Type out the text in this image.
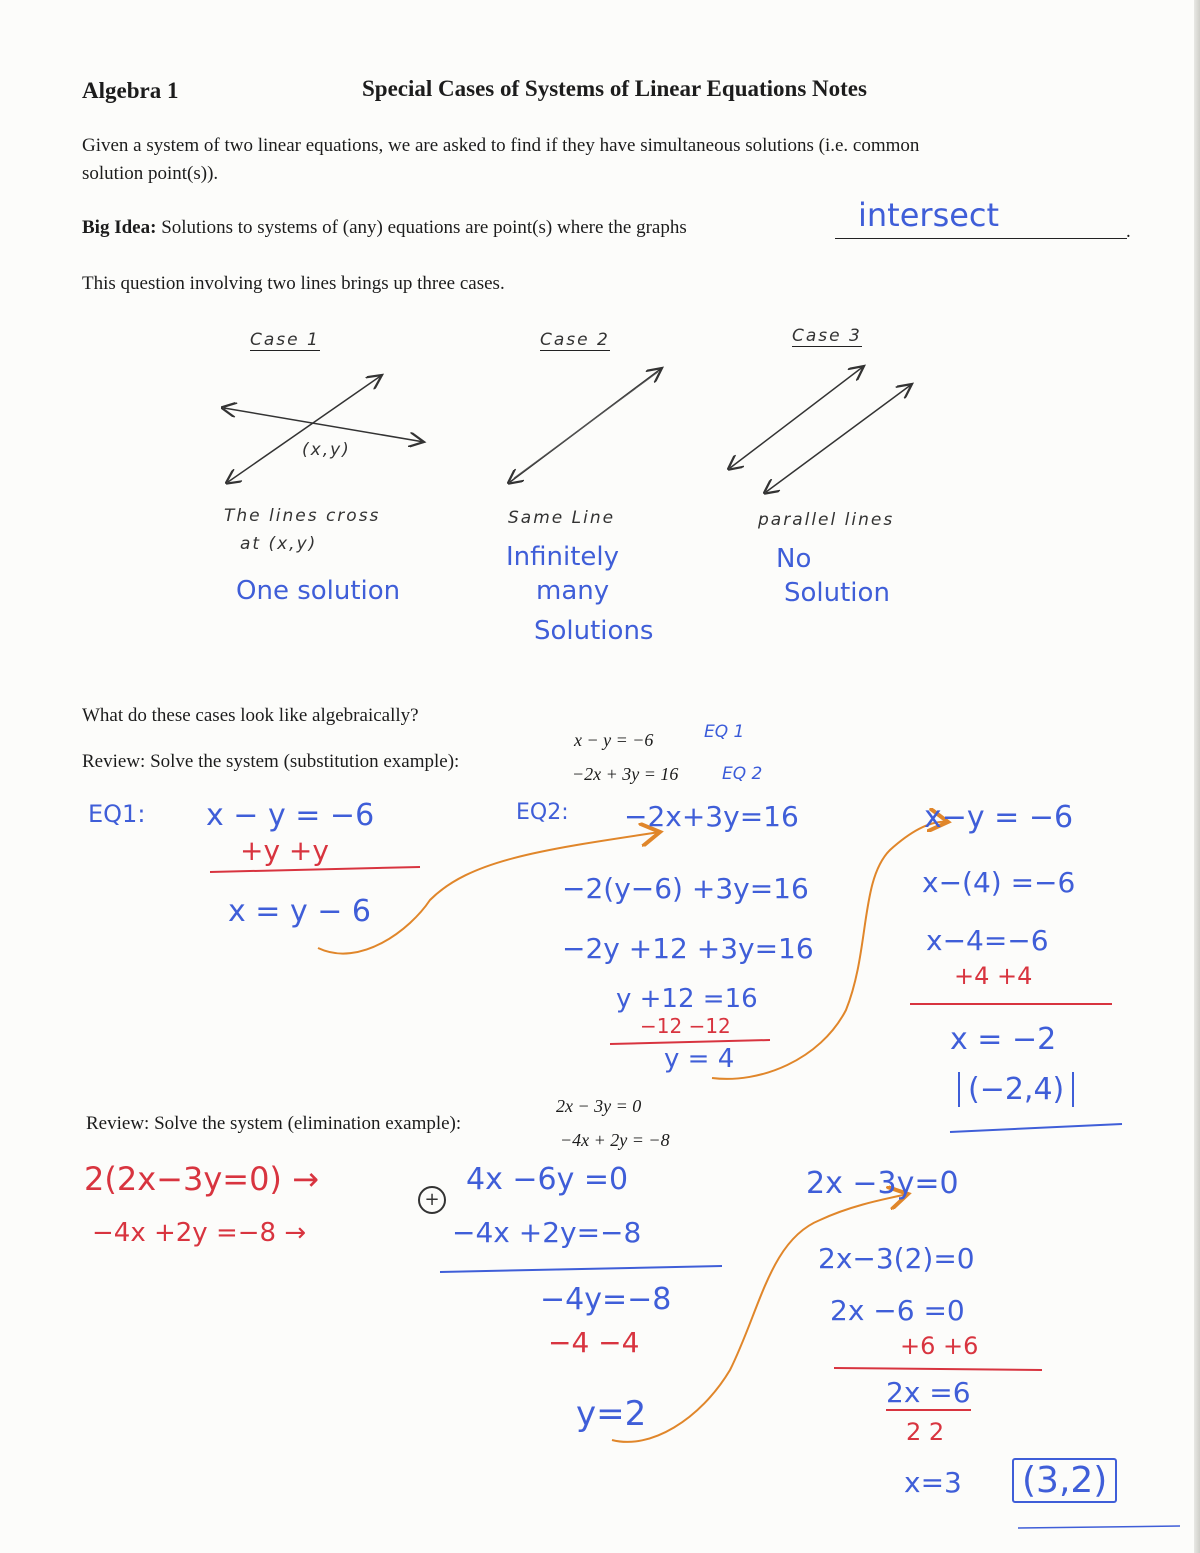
Algebra 1	Special Cases of Systems of Linear Equations Notes
Given a system of two linear equations, we are asked to find if they have simultaneous solutions (i.e. common
solution point(s)).
Big Idea: Solutions to systems of (any) equations are point(s) where the graphs	intersect	.
This question involving two lines brings up three cases.
Case 1	Case 2	Case 3
(x,y)
The lines cross
at (x,y)
One solution
Same Line
Infinitely
many
Solutions
parallel lines
No
Solution
What do these cases look like algebraically?
Review: Solve the system (substitution example):
x − y = −6
−2x + 3y = 16
EQ 1
EQ 2
EQ1: x − y = −6
+y +y
x = y − 6
EQ2: −2x+3y=16
−2(y−6) +3y=16
−2y +12 +3y=16
y +12 =16
−12 −12
y = 4
x−y = −6
x−(4) =−6
x−4=−6
+4 +4
x = −2
(−2,4)
Review: Solve the system (elimination example):
2x − 3y = 0
−4x + 2y = −8
2(2x−3y=0) →
−4x +2y =−8 →
+
4x −6y =0
−4x +2y=−8
−4y=−8
−4 −4
y=2
2x −3y=0
2x−3(2)=0
2x −6 =0
+6 +6
2x =6
2 2
x=3 (3,2)
